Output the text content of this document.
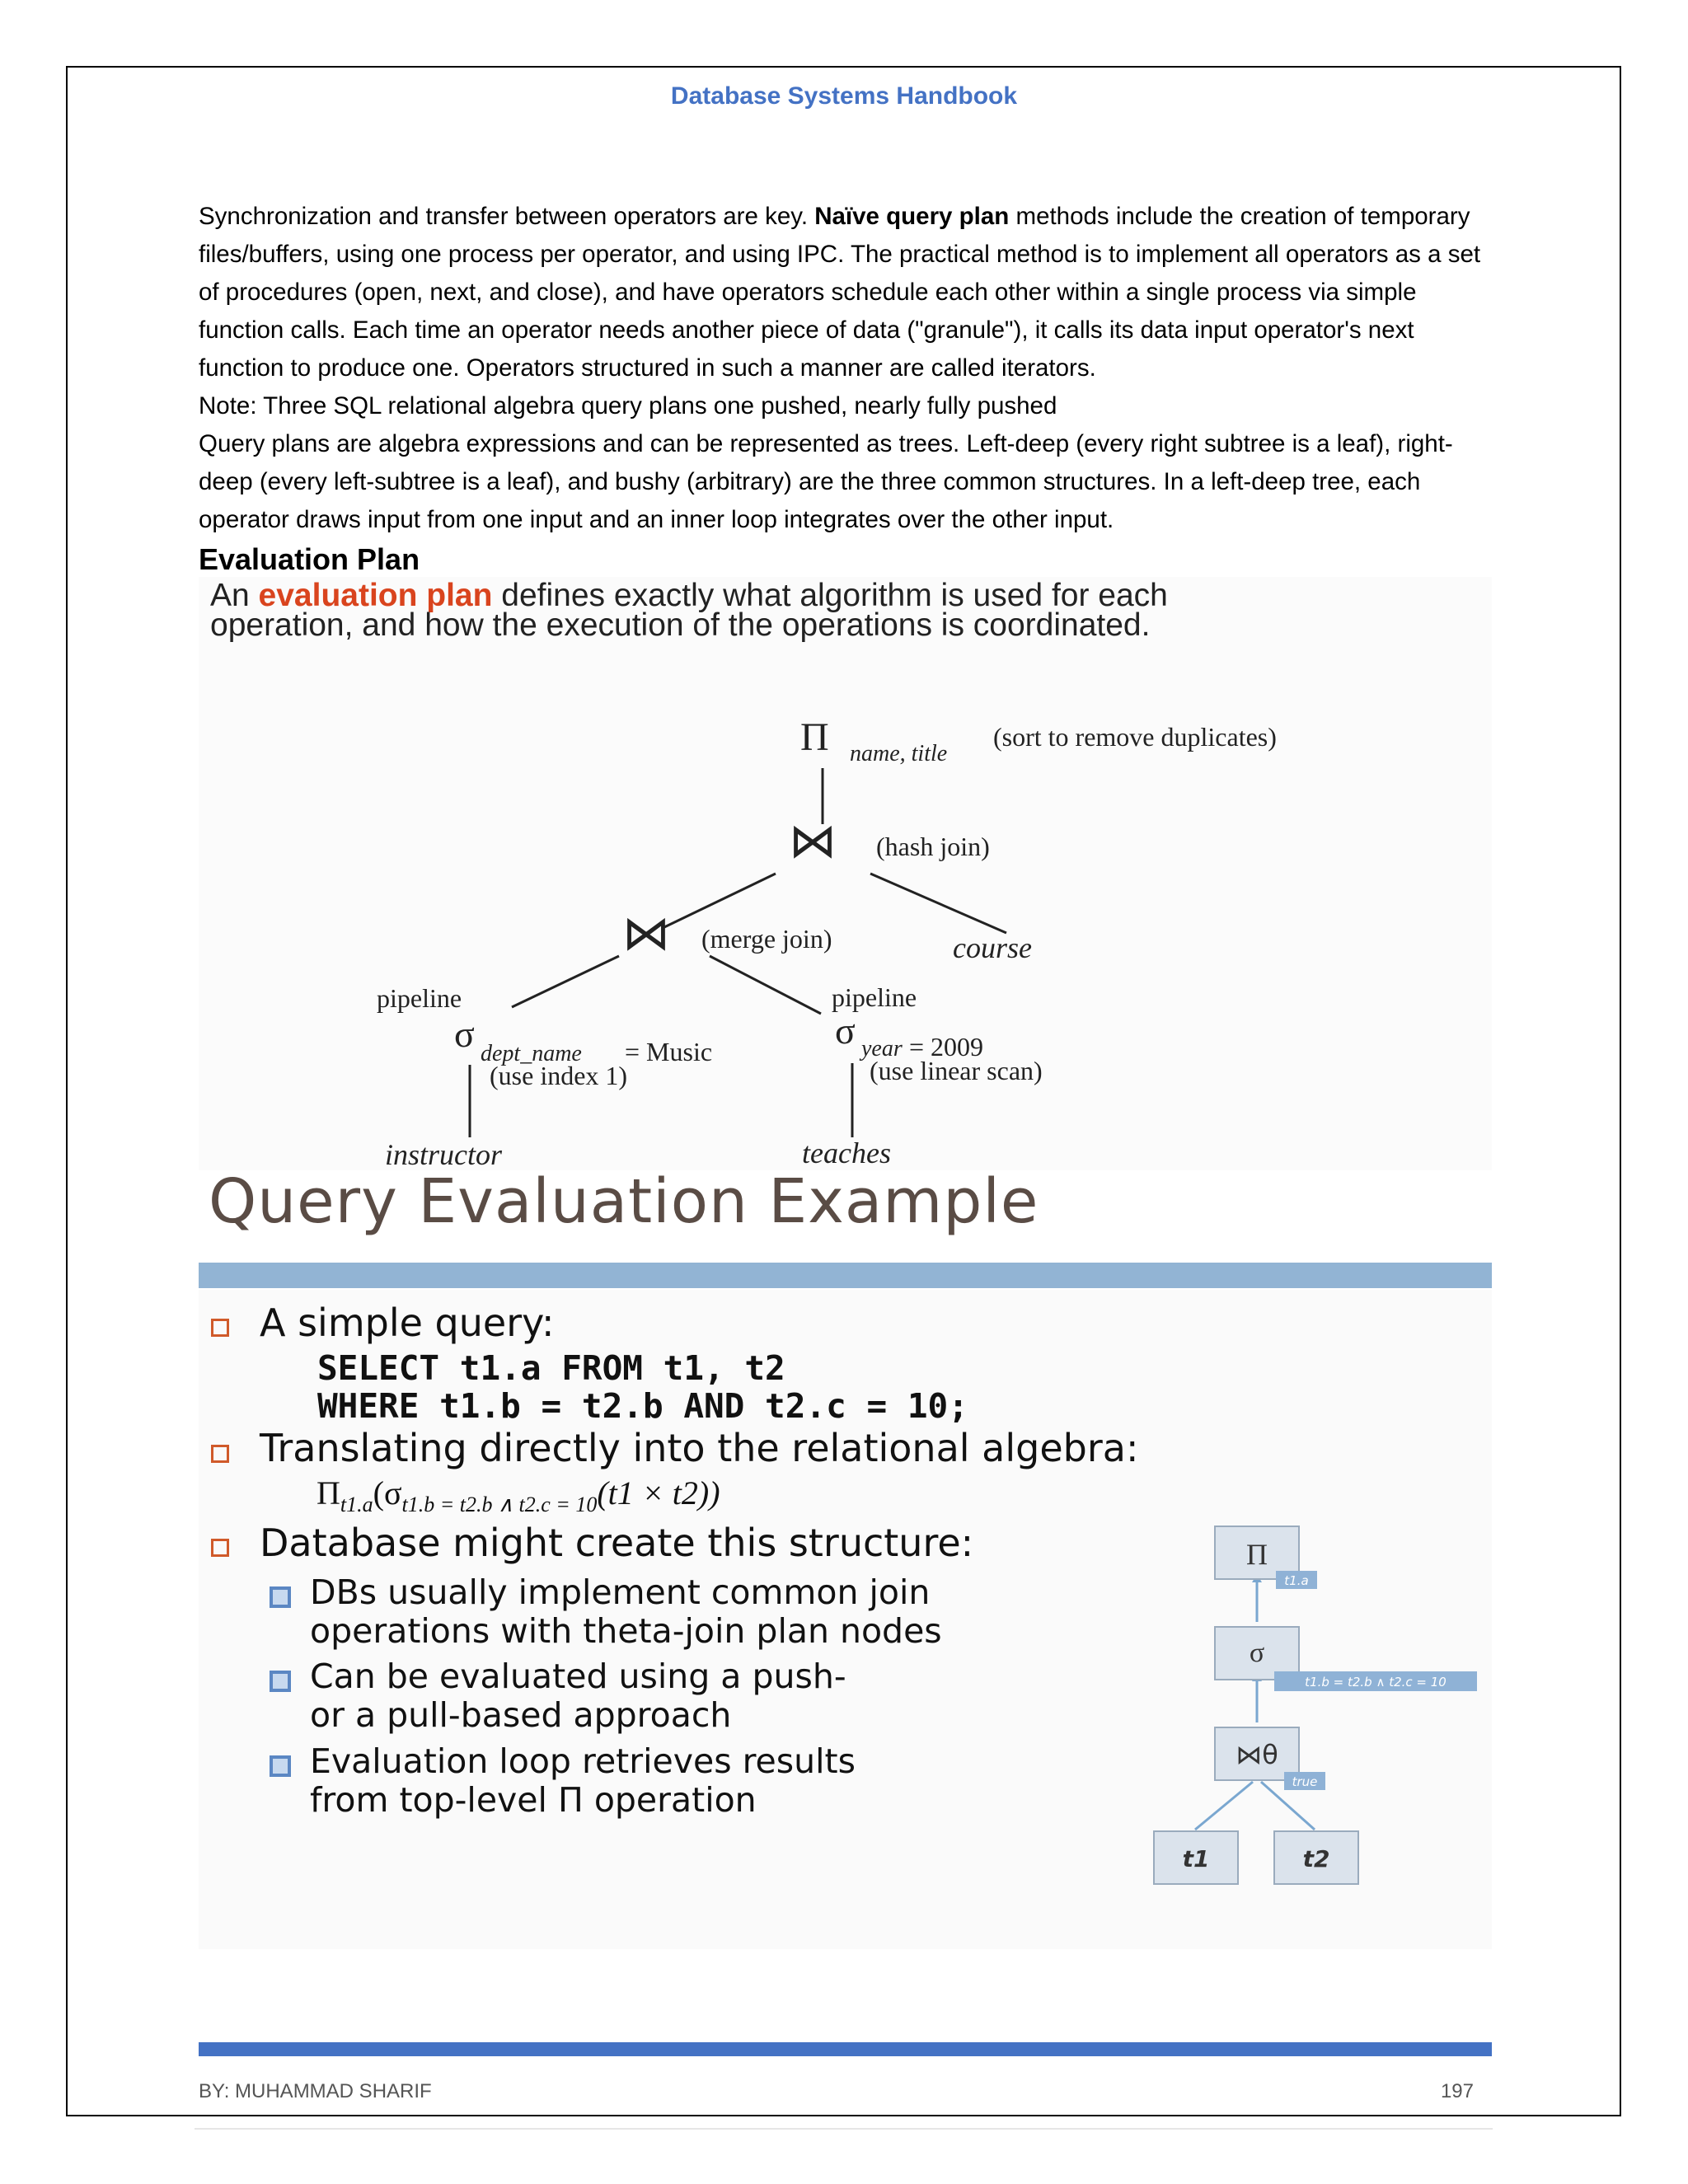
Database Systems Handbook

Synchronization and transfer between operators are key. Naïve query plan methods include the creation of temporary files/buffers, using one process per operator, and using IPC. The practical method is to implement all operators as a set of procedures (open, next, and close), and have operators schedule each other within a single process via simple function calls. Each time an operator needs another piece of data ("granule"), it calls its data input operator's next function to produce one. Operators structured in such a manner are called iterators.

Note: Three SQL relational algebra query plans one pushed, nearly fully pushed

Query plans are algebra expressions and can be represented as trees. Left-deep (every right subtree is a leaf), right-deep (every left-subtree is a leaf), and bushy (arbitrary) are the three common structures. In a left-deep tree, each operator draws input from one input and an inner loop integrates over the other input.

Evaluation Plan
An evaluation plan defines exactly what algorithm is used for each
operation, and how the execution of the operations is coordinated.
Π name, title
(sort to remove duplicates)
⋈ (hash join)
⋈ (merge join)	course
pipeline	pipeline
σ dept_name = Music
(use index 1)
σ year = 2009
(use linear scan)
instructor	teaches
Query Evaluation Example
A simple query:
SELECT t1.a FROM t1, t2
WHERE t1.b = t2.b AND t2.c = 10;
Translating directly into the relational algebra:
$\Pi_{t1.a}(\sigma_{t1.b = t2.b \wedge t2.c = 10}(t1 \times t2))$
Database might create this structure:
DBs usually implement common join
operations with theta-join plan nodes
Can be evaluated using a push-
or a pull-based approach
Evaluation loop retrieves results
from top-level Π operation
Π
t1.a
σ
t1.b = t2.b ∧ t2.c = 10
⋈θ
true
t1	t2
BY: MUHAMMAD SHARIF	197
